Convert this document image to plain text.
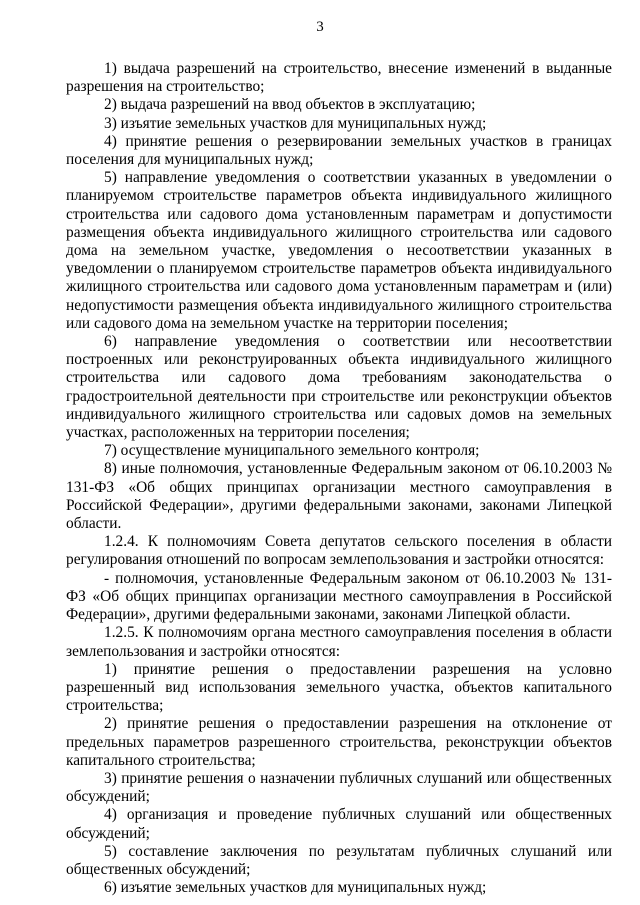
3

1) выдача разрешений на строительство, внесение изменений в выданные разрешения на строительство;

2) выдача разрешений на ввод объектов в эксплуатацию;

3) изъятие земельных участков для муниципальных нужд;

4) принятие решения о резервировании земельных участков в границах поселения для муниципальных нужд;

5) направление уведомления о соответствии указанных в уведомлении о планируемом строительстве параметров объекта индивидуального жилищного строительства или садового дома установленным параметрам и допустимости размещения объекта индивидуального жилищного строительства или садового дома на земельном участке, уведомления о несоответствии указанных в уведомлении о планируемом строительстве параметров объекта индивидуального жилищного строительства или садового дома установленным параметрам и (или) недопустимости размещения объекта индивидуального жилищного строительства или садового дома на земельном участке на территории поселения;

6) направление уведомления о соответствии или несоответствии построенных или реконструированных объекта индивидуального жилищного строительства или садового дома требованиям законодательства о градостроительной деятельности при строительстве или реконструкции объектов индивидуального жилищного строительства или садовых домов на земельных участках, расположенных на территории поселения;

7) осуществление муниципального земельного контроля;

8) иные полномочия, установленные Федеральным законом от 06.10.2003 № 131-ФЗ «Об общих принципах организации местного самоуправления в Российской Федерации», другими федеральными законами, законами Липецкой области.

1.2.4. К полномочиям Совета депутатов сельского поселения в области регулирования отношений по вопросам землепользования и застройки относятся:

- полномочия, установленные Федеральным законом от 06.10.2003 № 131-ФЗ «Об общих принципах организации местного самоуправления в Российской Федерации», другими федеральными законами, законами Липецкой области.

1.2.5. К полномочиям органа местного самоуправления поселения в области землепользования и застройки относятся:

1) принятие решения о предоставлении разрешения на условно разрешенный вид использования земельного участка, объектов капитального строительства;

2) принятие решения о предоставлении разрешения на отклонение от предельных параметров разрешенного строительства, реконструкции объектов капитального строительства;

3) принятие решения о назначении публичных слушаний или общественных обсуждений;

4) организация и проведение публичных слушаний или общественных обсуждений;

5) составление заключения по результатам публичных слушаний или общественных обсуждений;

6) изъятие земельных участков для муниципальных нужд;
